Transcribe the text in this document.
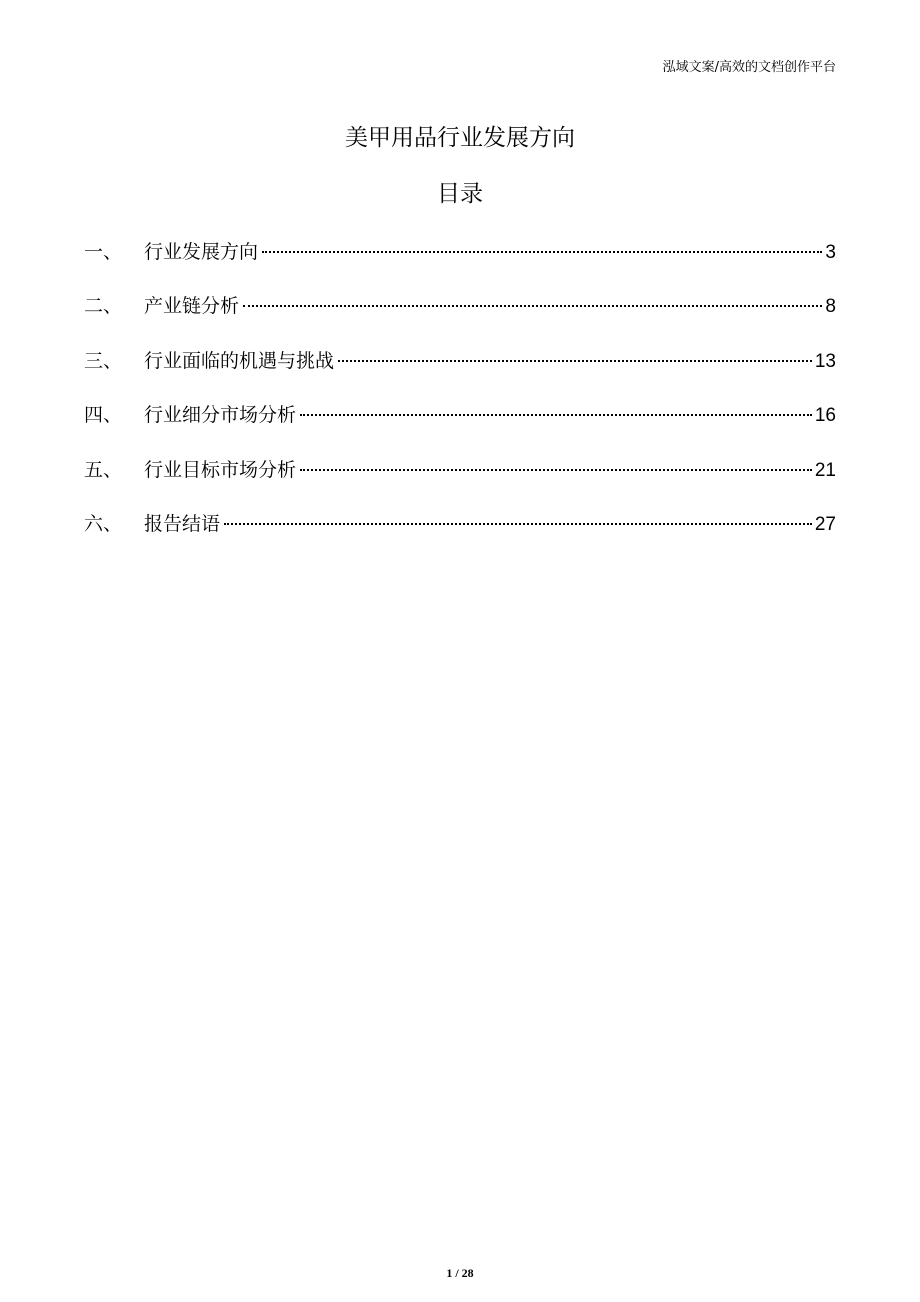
泓域文案/高效的文档创作平台
美甲用品行业发展方向
目录
一、	行业发展方向	3
二、	产业链分析	8
三、	行业面临的机遇与挑战	13
四、	行业细分市场分析	16
五、	行业目标市场分析	21
六、	报告结语	27
1 / 28
